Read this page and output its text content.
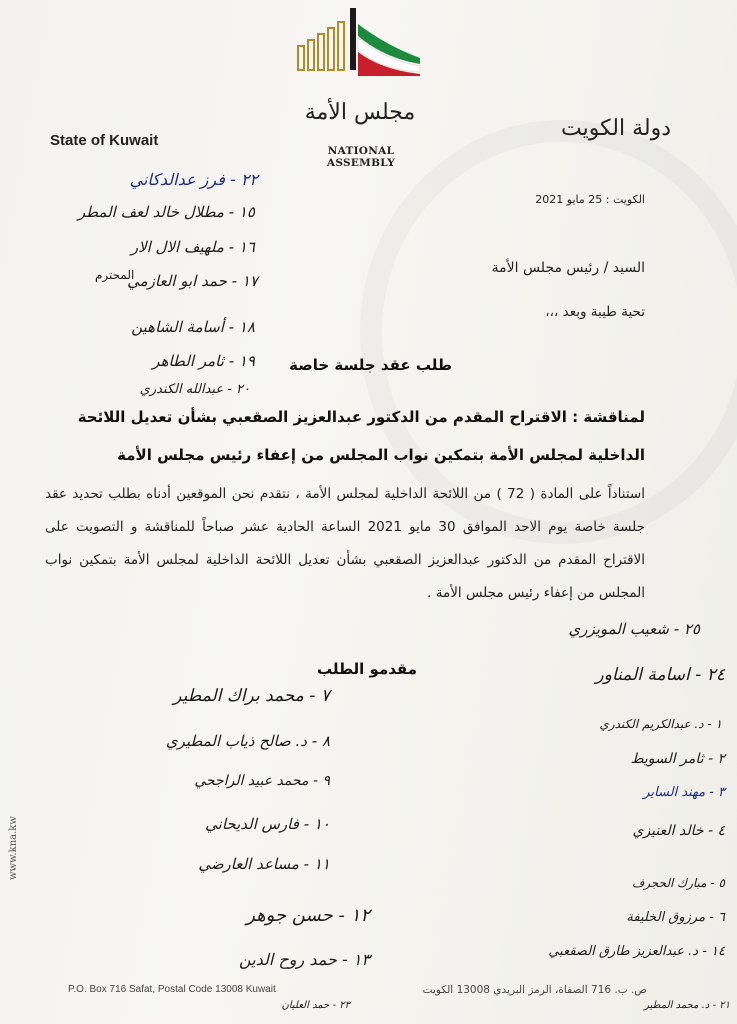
مجلس الأمة
NATIONAL ASSEMBLY
State of Kuwait	دولة الكويت
الكويت : 25 مايو 2021
السيد / رئيس مجلس الأمة
تحية طيبة وبعد ،،،
طلب عقد جلسة خاصة
لمناقشة : الاقتراح المقدم من الدكتور عبدالعزيز الصقعبي بشأن تعديل اللائحة
الداخلية لمجلس الأمة بتمكين نواب المجلس من إعفاء رئيس مجلس الأمة
استناداً على المادة ( 72 ) من اللائحة الداخلية لمجلس الأمة ، نتقدم نحن الموقعين أدناه بطلب تحديد عقد جلسة خاصة يوم الاحد الموافق 30 مايو 2021 الساعة الحادية عشر صباحاً للمناقشة و التصويت على الاقتراح المقدم من الدكتور عبدالعزيز الصقعبي بشأن تعديل اللائحة الداخلية لمجلس الأمة بتمكين نواب المجلس من إعفاء رئيس مجلس الأمة .
مقدمو الطلب
www.kna.kw
P.O. Box 716 Safat, Postal Code 13008 Kuwait	ص. ب. 716 الصفاة، الرمز البريدي 13008 الكويت
٢٢ - فرز عدالدكاني
١٥ - مطلال خالد لعف المطر
١٦ - ملهيف الال الار
١٧ - حمد ابو العازمي
١٨ - أسامة الشاهين
١٩ - ثامر الطاهر
٢٠ - عبدالله الكندري
٢٥ - شعيب المويزري
٢٤ - اسامة المناور
١ - د. عبدالكريم الكندري
٢ - ثامر السويط
٣ - مهند الساير
٤ - خالد العنيزي
٥ - مبارك الحجرف
٦ - مرزوق الخليفة
١٤ - د. عبدالعزيز طارق الصقعبي
٧ - محمد براك المطير
٨ - د. صالح ذياب المطيري
٩ - محمد عبيد الراجحي
١٠ - فارس الديحاني
١١ - مساعد العارضي
١٢ - حسن جوهر
١٣ - حمد روح الدين
٢١ - د. محمد المطير
٢٣ - حمد العليان
المحترم
